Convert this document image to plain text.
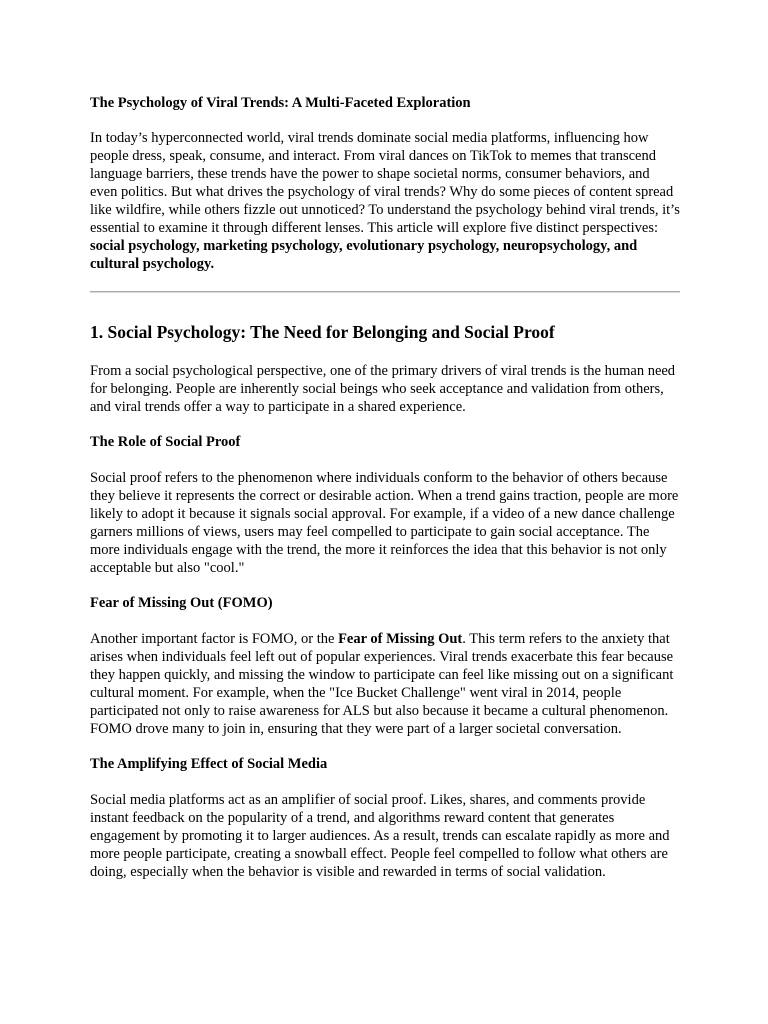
The Psychology of Viral Trends: A Multi-Faceted Exploration

In today’s hyperconnected world, viral trends dominate social media platforms, influencing how people dress, speak, consume, and interact. From viral dances on TikTok to memes that transcend language barriers, these trends have the power to shape societal norms, consumer behaviors, and even politics. But what drives the psychology of viral trends? Why do some pieces of content spread like wildfire, while others fizzle out unnoticed? To understand the psychology behind viral trends, it’s essential to examine it through different lenses. This article will explore five distinct perspectives: social psychology, marketing psychology, evolutionary psychology, neuropsychology, and cultural psychology.

1. Social Psychology: The Need for Belonging and Social Proof

From a social psychological perspective, one of the primary drivers of viral trends is the human need for belonging. People are inherently social beings who seek acceptance and validation from others, and viral trends offer a way to participate in a shared experience.

The Role of Social Proof

Social proof refers to the phenomenon where individuals conform to the behavior of others because they believe it represents the correct or desirable action. When a trend gains traction, people are more likely to adopt it because it signals social approval. For example, if a video of a new dance challenge garners millions of views, users may feel compelled to participate to gain social acceptance. The more individuals engage with the trend, the more it reinforces the idea that this behavior is not only acceptable but also "cool."

Fear of Missing Out (FOMO)

Another important factor is FOMO, or the Fear of Missing Out. This term refers to the anxiety that arises when individuals feel left out of popular experiences. Viral trends exacerbate this fear because they happen quickly, and missing the window to participate can feel like missing out on a significant cultural moment. For example, when the "Ice Bucket Challenge" went viral in 2014, people participated not only to raise awareness for ALS but also because it became a cultural phenomenon. FOMO drove many to join in, ensuring that they were part of a larger societal conversation.

The Amplifying Effect of Social Media

Social media platforms act as an amplifier of social proof. Likes, shares, and comments provide instant feedback on the popularity of a trend, and algorithms reward content that generates engagement by promoting it to larger audiences. As a result, trends can escalate rapidly as more and more people participate, creating a snowball effect. People feel compelled to follow what others are doing, especially when the behavior is visible and rewarded in terms of social validation.
